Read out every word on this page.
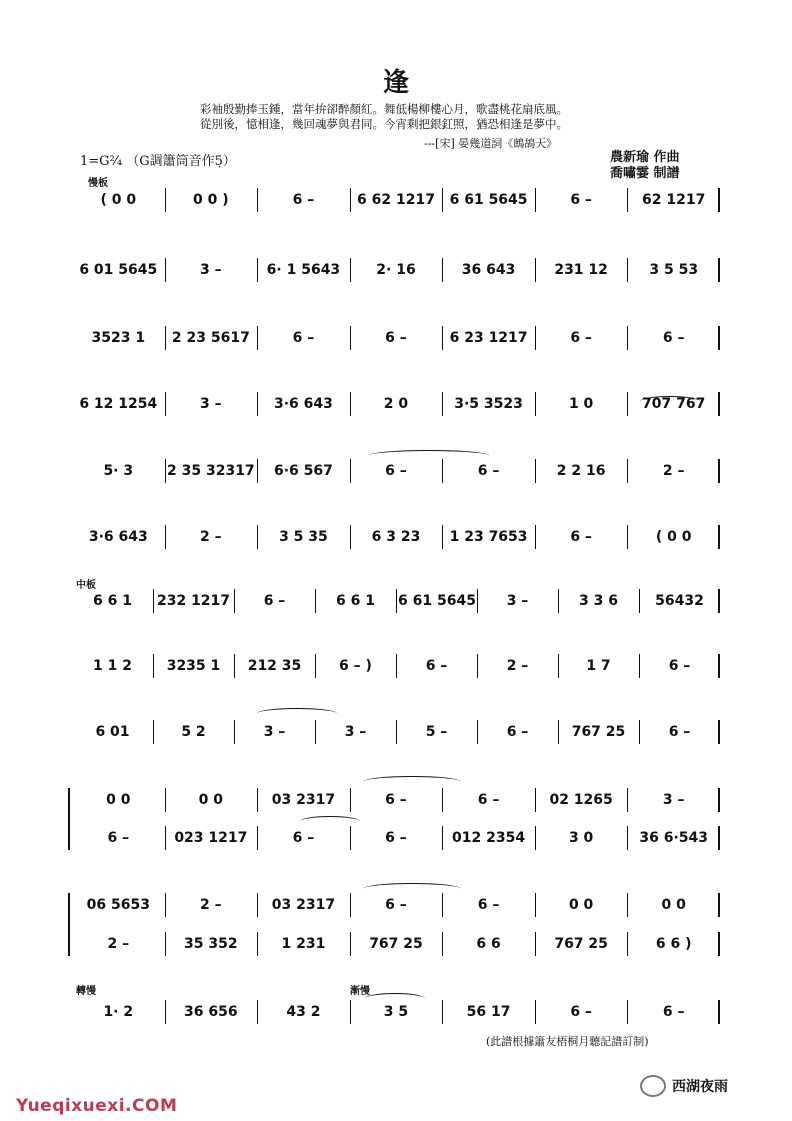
逢
彩袖殷勤捧玉鍾，當年拚卻醉顏紅。舞低楊柳樓心月，歌盡桃花扇底風。
從別後，憶相逢，幾回魂夢與君同。今宵剩把銀釭照，猶恐相逢是夢中。
---[宋] 晏幾道詞《鷓鴣天》
1=G²⁄₄ （G調簫筒音作5̣）	農新瑜 作曲
喬嘯霎 制譜
慢板
中板
轉慢	漸慢
( 0 0	0 0 )	6 –	6 62 1217	6 61 5645	6 –	62 1217
6 01 5645	3 –	6· 1 5643	2· 16	36 643	231 12	3 5 53
3523 1	2 23 5617	6 –	6 –	6 23 1217	6 –	6 –
6 12 1254	3 –	3·6 643	2 0	3·5 3523	1 0	707 767
5· 3	2 35 32317	6·6 567	6 –	6 –	2 2 16	2 –
3·6 643	2 –	3 5 35	6 3 23	1 23 7653	6 –	( 0 0
6 6 1	232 1217	6 –	6 6 1	6 61 5645	3 –	3 3 6	56432
1 1 2	3235 1	212 35	6 – )	6 –	2 –	1 7	6 –
6 01	5 2	3 –	3 –	5 –	6 –	767 25	6 –
0 0	0 0	03 2317	6 –	6 –	02 1265	3 –
6 –	023 1217	6 –	6 –	012 2354	3 0	36 6·543
06 5653	2 –	03 2317	6 –	6 –	0 0	0 0
2 –	35 352	1 231	767 25	6 6	767 25	6 6 )
1· 2	36 656	43 2	3 5	56 17	6 –	6 –
(此譜根據簫友梧桐月聽記譜訂制)
Yueqixuexi.COM
西湖夜雨
